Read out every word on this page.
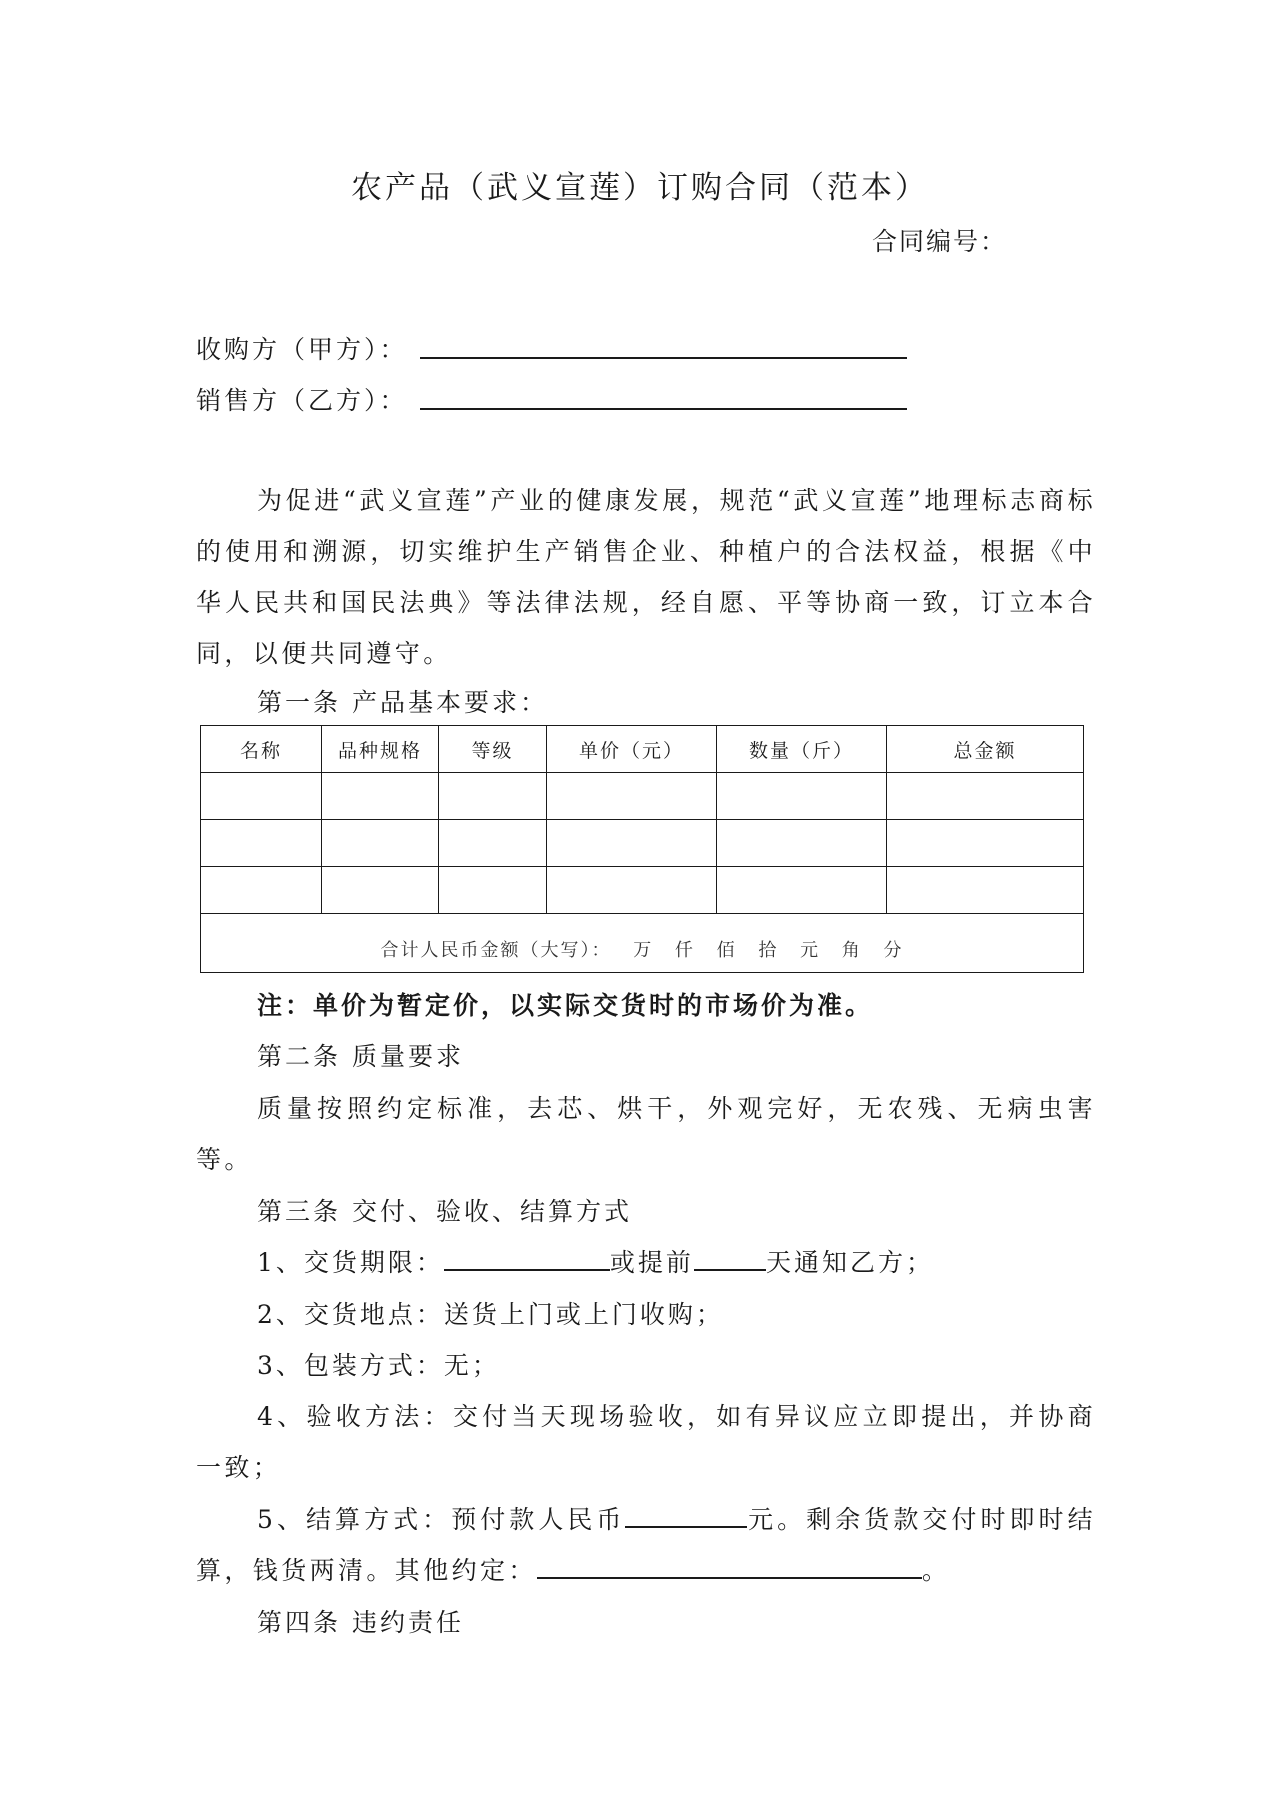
农产品（武义宣莲）订购合同（范本）
合同编号：
收购方（甲方）：
销售方（乙方）：
为促进“武义宣莲”产业的健康发展，规范“武义宣莲”地理标志商标的使用和溯源，切实维护生产销售企业、种植户的合法权益，根据《中华人民共和国民法典》等法律法规，经自愿、平等协商一致，订立本合同，以便共同遵守。
第一条 产品基本要求：
名称	品种规格	等级	单价（元）	数量（斤）	总金额

合计人民币金额（大写）： 万 仟 佰 拾 元 角 分					
注：单价为暂定价，以实际交货时的市场价为准。
第二条 质量要求
质量按照约定标准，去芯、烘干，外观完好，无农残、无病虫害等。
第三条 交付、验收、结算方式
1、交货期限：	或提前	天通知乙方；
2、交货地点：送货上门或上门收购；
3、包装方式：无；
4、验收方法：交付当天现场验收，如有异议应立即提出，并协商一致；
5、结算方式：预付款人民币	元。剩余货款交付时即时结算，钱货两清。其他约定：	。
第四条 违约责任
